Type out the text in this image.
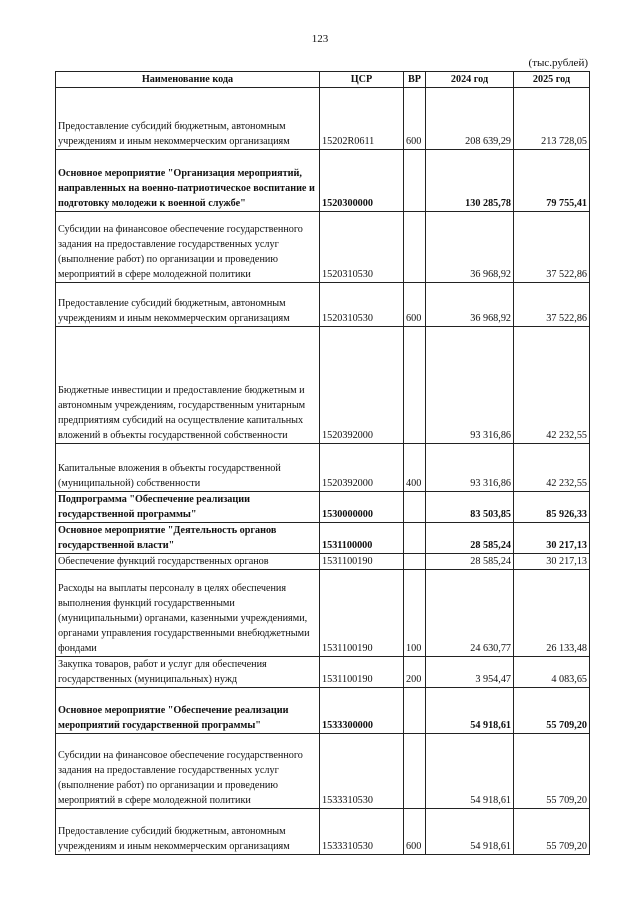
123
(тыс.рублей)
Наименование кода	ЦСР	ВР	2024 год	2025 год
Предоставление субсидий бюджетным, автономным учреждениям и иным некоммерческим организациям	15202R0611	600	208 639,29	213 728,05
Основное мероприятие "Организация мероприятий, направленных на военно-патриотическое воспитание и подготовку молодежи к военной службе"	1520300000		130 285,78	79 755,41
Субсидии на финансовое обеспечение государственного задания на предоставление государственных услуг (выполнение работ) по организации и проведению мероприятий в сфере молодежной политики	1520310530		36 968,92	37 522,86
Предоставление субсидий бюджетным, автономным учреждениям и иным некоммерческим организациям	1520310530	600	36 968,92	37 522,86
Бюджетные инвестиции и предоставление бюджетным и автономным учреждениям, государственным унитарным предприятиям субсидий на осуществление капитальных вложений в объекты государственной собственности	1520392000		93 316,86	42 232,55
Капитальные вложения в объекты государственной (муниципальной) собственности	1520392000	400	93 316,86	42 232,55
Подпрограмма "Обеспечение реализации государственной программы"	1530000000		83 503,85	85 926,33
Основное мероприятие "Деятельность органов государственной власти"	1531100000		28 585,24	30 217,13
Обеспечение функций государственных органов	1531100190		28 585,24	30 217,13
Расходы на выплаты персоналу в целях обеспечения выполнения функций государственными (муниципальными) органами, казенными учреждениями, органами управления государственными внебюджетными фондами	1531100190	100	24 630,77	26 133,48
Закупка товаров, работ и услуг для обеспечения государственных (муниципальных) нужд	1531100190	200	3 954,47	4 083,65
Основное мероприятие "Обеспечение реализации мероприятий государственной программы"	1533300000		54 918,61	55 709,20
Субсидии на финансовое обеспечение государственного задания на предоставление государственных услуг (выполнение работ) по организации и проведению мероприятий в сфере молодежной политики	1533310530		54 918,61	55 709,20
Предоставление субсидий бюджетным, автономным учреждениям и иным некоммерческим организациям	1533310530	600	54 918,61	55 709,20
